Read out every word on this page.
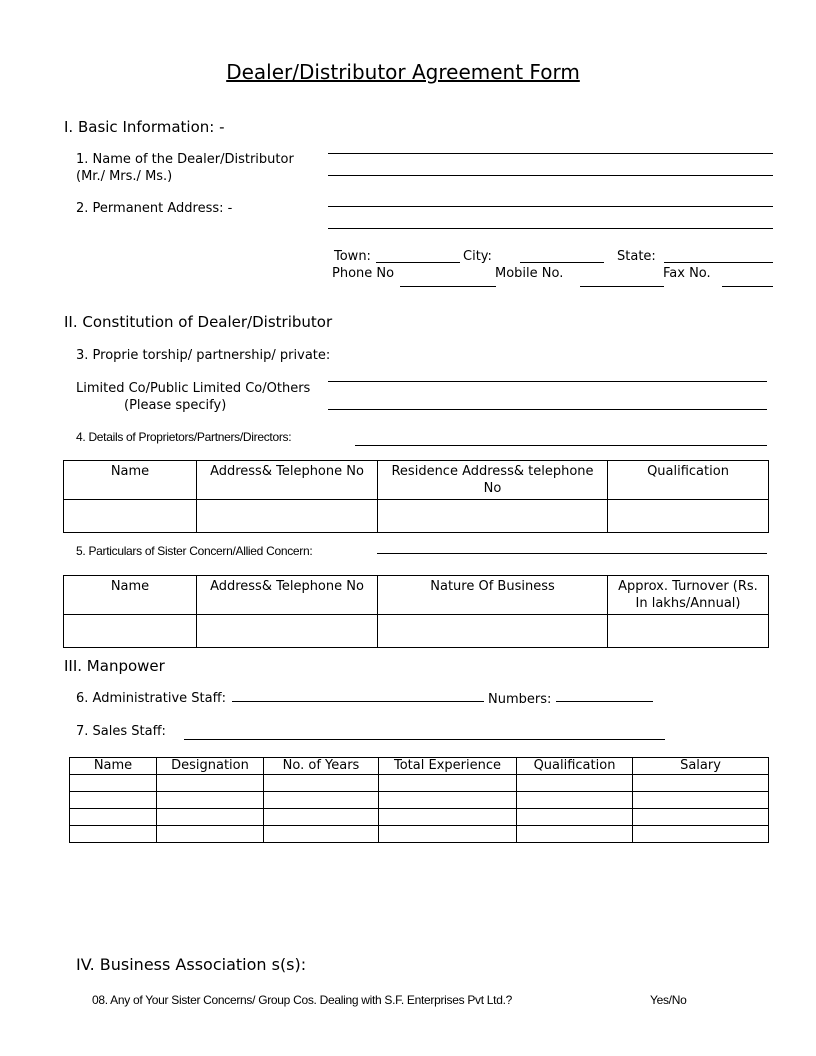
Dealer/Distributor Agreement Form
I. Basic Information: -
1. Name of the Dealer/Distributor
(Mr./ Mrs./ Ms.)
2. Permanent Address: -
Town:	City:	State:
Phone No	Mobile No.	Fax No.
II. Constitution of Dealer/Distributor
3. Proprie torship/ partnership/ private:
Limited Co/Public Limited Co/Others
(Please specify)
4. Details of Proprietors/Partners/Directors:
Name	Address& Telephone No	Residence Address& telephone No	Qualification

5. Particulars of Sister Concern/Allied Concern:
Name	Address& Telephone No	Nature Of Business	Approx. Turnover (Rs. In lakhs/Annual)

III. Manpower
6. Administrative Staff:	Numbers:
7. Sales Staff:
Name	Designation	No. of Years	Total Experience	Qualification	Salary

IV. Business Association s(s):
08. Any of Your Sister Concerns/ Group Cos. Dealing with S.F. Enterprises Pvt Ltd.?	Yes/No
